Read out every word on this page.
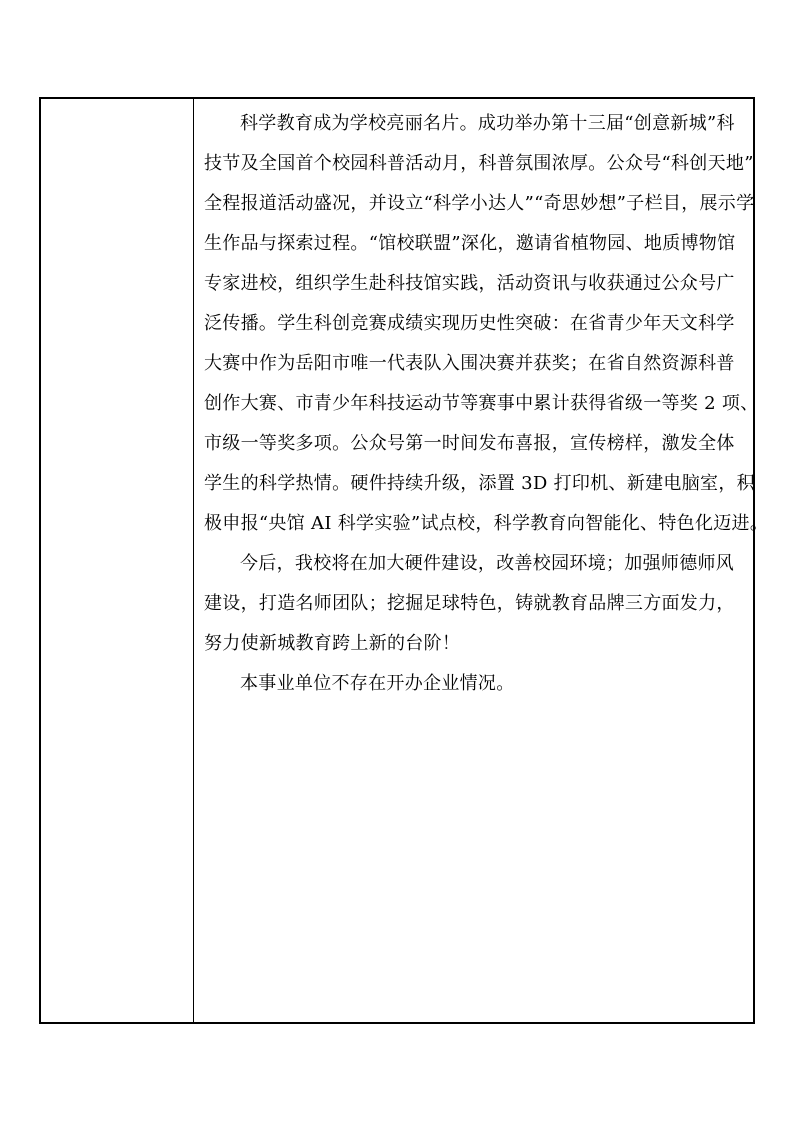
科学教育成为学校亮丽名片。成功举办第十三届“创意新城”科
技节及全国首个校园科普活动月，科普氛围浓厚。公众号“科创天地”
全程报道活动盛况，并设立“科学小达人”“奇思妙想”子栏目，展示学
生作品与探索过程。“馆校联盟”深化，邀请省植物园、地质博物馆
专家进校，组织学生赴科技馆实践，活动资讯与收获通过公众号广
泛传播。学生科创竞赛成绩实现历史性突破：在省青少年天文科学
大赛中作为岳阳市唯一代表队入围决赛并获奖；在省自然资源科普
创作大赛、市青少年科技运动节等赛事中累计获得省级一等奖 2 项、
市级一等奖多项。公众号第一时间发布喜报，宣传榜样，激发全体
学生的科学热情。硬件持续升级，添置 3D 打印机、新建电脑室，积
极申报“央馆 AI 科学实验”试点校，科学教育向智能化、特色化迈进。
今后，我校将在加大硬件建设，改善校园环境；加强师德师风
建设，打造名师团队；挖掘足球特色，铸就教育品牌三方面发力，
努力使新城教育跨上新的台阶！
本事业单位不存在开办企业情况。
